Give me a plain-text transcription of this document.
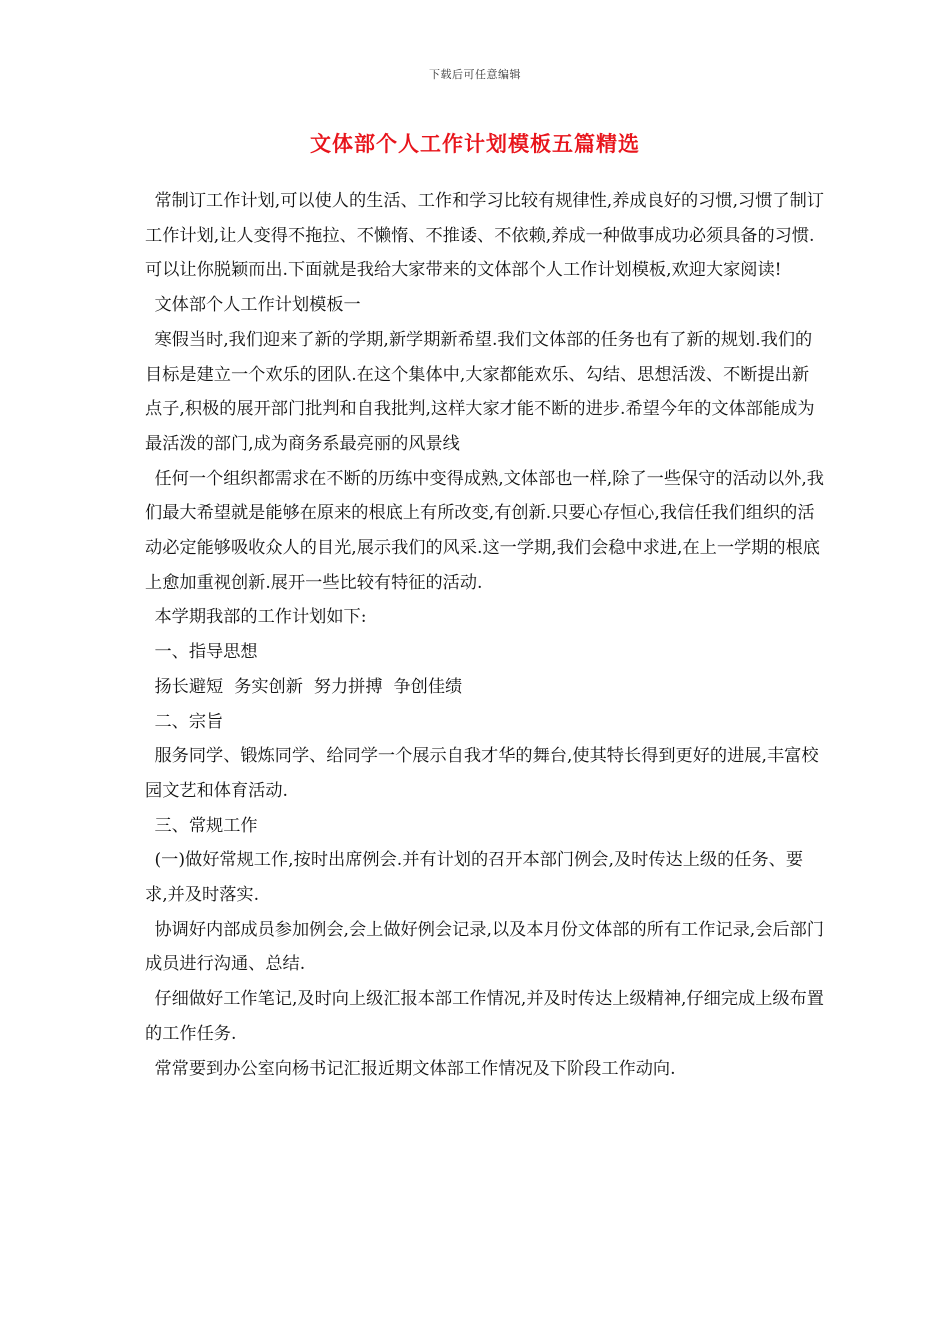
下载后可任意编辑
文体部个人工作计划模板五篇精选

常制订工作计划,可以使人的生活、工作和学习比较有规律性,养成良好的习惯,习惯了制订工作计划,让人变得不拖拉、不懒惰、不推诿、不依赖,养成一种做事成功必须具备的习惯.可以让你脱颖而出.下面就是我给大家带来的文体部个人工作计划模板,欢迎大家阅读!

文体部个人工作计划模板一

寒假当时,我们迎来了新的学期,新学期新希望.我们文体部的任务也有了新的规划.我们的目标是建立一个欢乐的团队.在这个集体中,大家都能欢乐、勾结、思想活泼、不断提出新点子,积极的展开部门批判和自我批判,这样大家才能不断的进步.希望今年的文体部能成为最活泼的部门,成为商务系最亮丽的风景线

任何一个组织都需求在不断的历练中变得成熟,文体部也一样,除了一些保守的活动以外,我们最大希望就是能够在原来的根底上有所改变,有创新.只要心存恒心,我信任我们组织的活动必定能够吸收众人的目光,展示我们的风采.这一学期,我们会稳中求进,在上一学期的根底上愈加重视创新.展开一些比较有特征的活动.

本学期我部的工作计划如下:

一、指导思想

扬长避短  务实创新  努力拼搏  争创佳绩

二、宗旨

服务同学、锻炼同学、给同学一个展示自我才华的舞台,使其特长得到更好的进展,丰富校园文艺和体育活动.

三、常规工作

(一)做好常规工作,按时出席例会.并有计划的召开本部门例会,及时传达上级的任务、要求,并及时落实.

协调好内部成员参加例会,会上做好例会记录,以及本月份文体部的所有工作记录,会后部门成员进行沟通、总结.

仔细做好工作笔记,及时向上级汇报本部工作情况,并及时传达上级精神,仔细完成上级布置的工作任务.

常常要到办公室向杨书记汇报近期文体部工作情况及下阶段工作动向.
